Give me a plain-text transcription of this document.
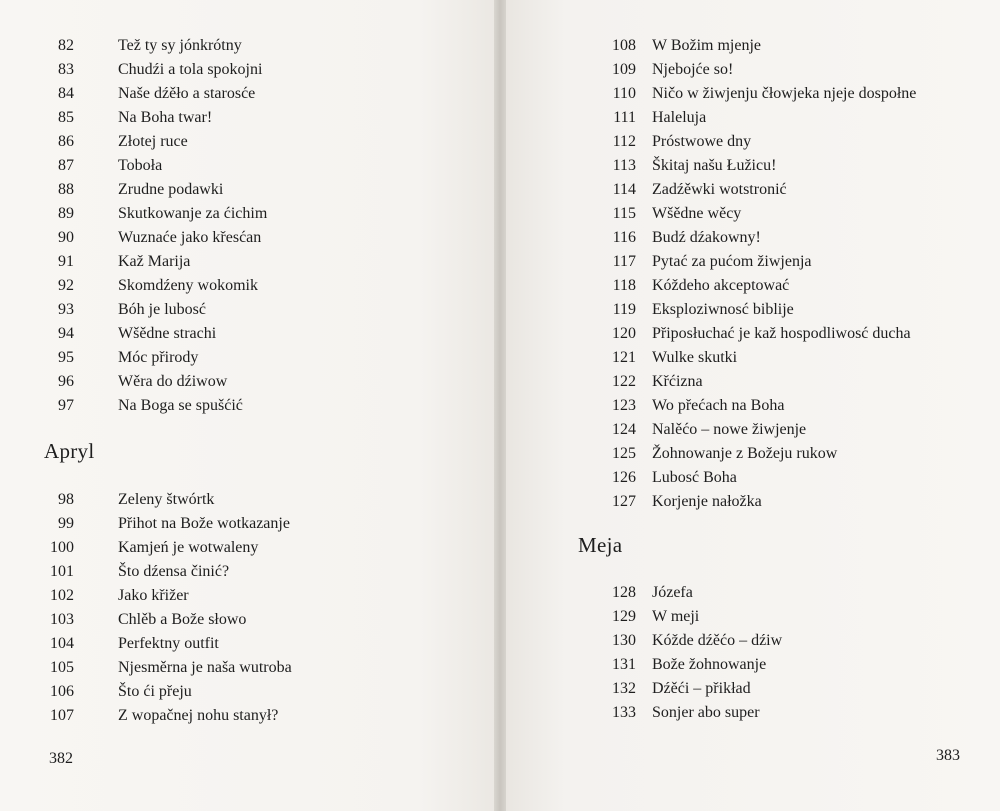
Apryl
382
82	Tež ty sy jónkrótny
83	Chudźi a tola spokojni
84	Naše dźěło a starosće
85	Na Boha twar!
86	Złotej ruce
87	Toboła
88	Zrudne podawki
89	Skutkowanje za ćichim
90	Wuznaće jako křesćan
91	Kaž Marija
92	Skomdźeny wokomik
93	Bóh je lubosć
94	Wšědne strachi
95	Móc přirody
96	Wěra do dźiwow
97	Na Boga se spušćić
98	Zeleny štwórtk
99	Přihot na Bože wotkazanje
100	Kamjeń je wotwaleny
101	Što dźensa činić?
102	Jako křižer
103	Chlěb a Bože słowo
104	Perfektny outfit
105	Njesměrna je naša wutroba
106	Što ći přeju
107	Z wopačnej nohu stanył?
Meja
383
108 W Božim mjenje
109 Njebojće so!
110 Ničo w žiwjenju čłowjeka njeje dospołne
111 Haleluja
112 Próstwowe dny
113 Škitaj našu Łužicu!
114 Zadźěwki wotstronić
115 Wšědne wěcy
116 Budź dźakowny!
117 Pytać za pućom žiwjenja
118 Kóždeho akceptować
119 Eksploziwnosć biblije
120 Připosłuchać je kaž hospodliwosć ducha
121 Wulke skutki
122 Křćizna
123 Wo přećach na Boha
124 Nalěćo – nowe žiwjenje
125 Žohnowanje z Božeju rukow
126 Lubosć Boha
127 Korjenje nałožka
128 Józefa
129 W meji
130 Kóžde dźěćo – dźiw
131 Bože žohnowanje
132 Dźěći – přikład
133 Sonjer abo super
